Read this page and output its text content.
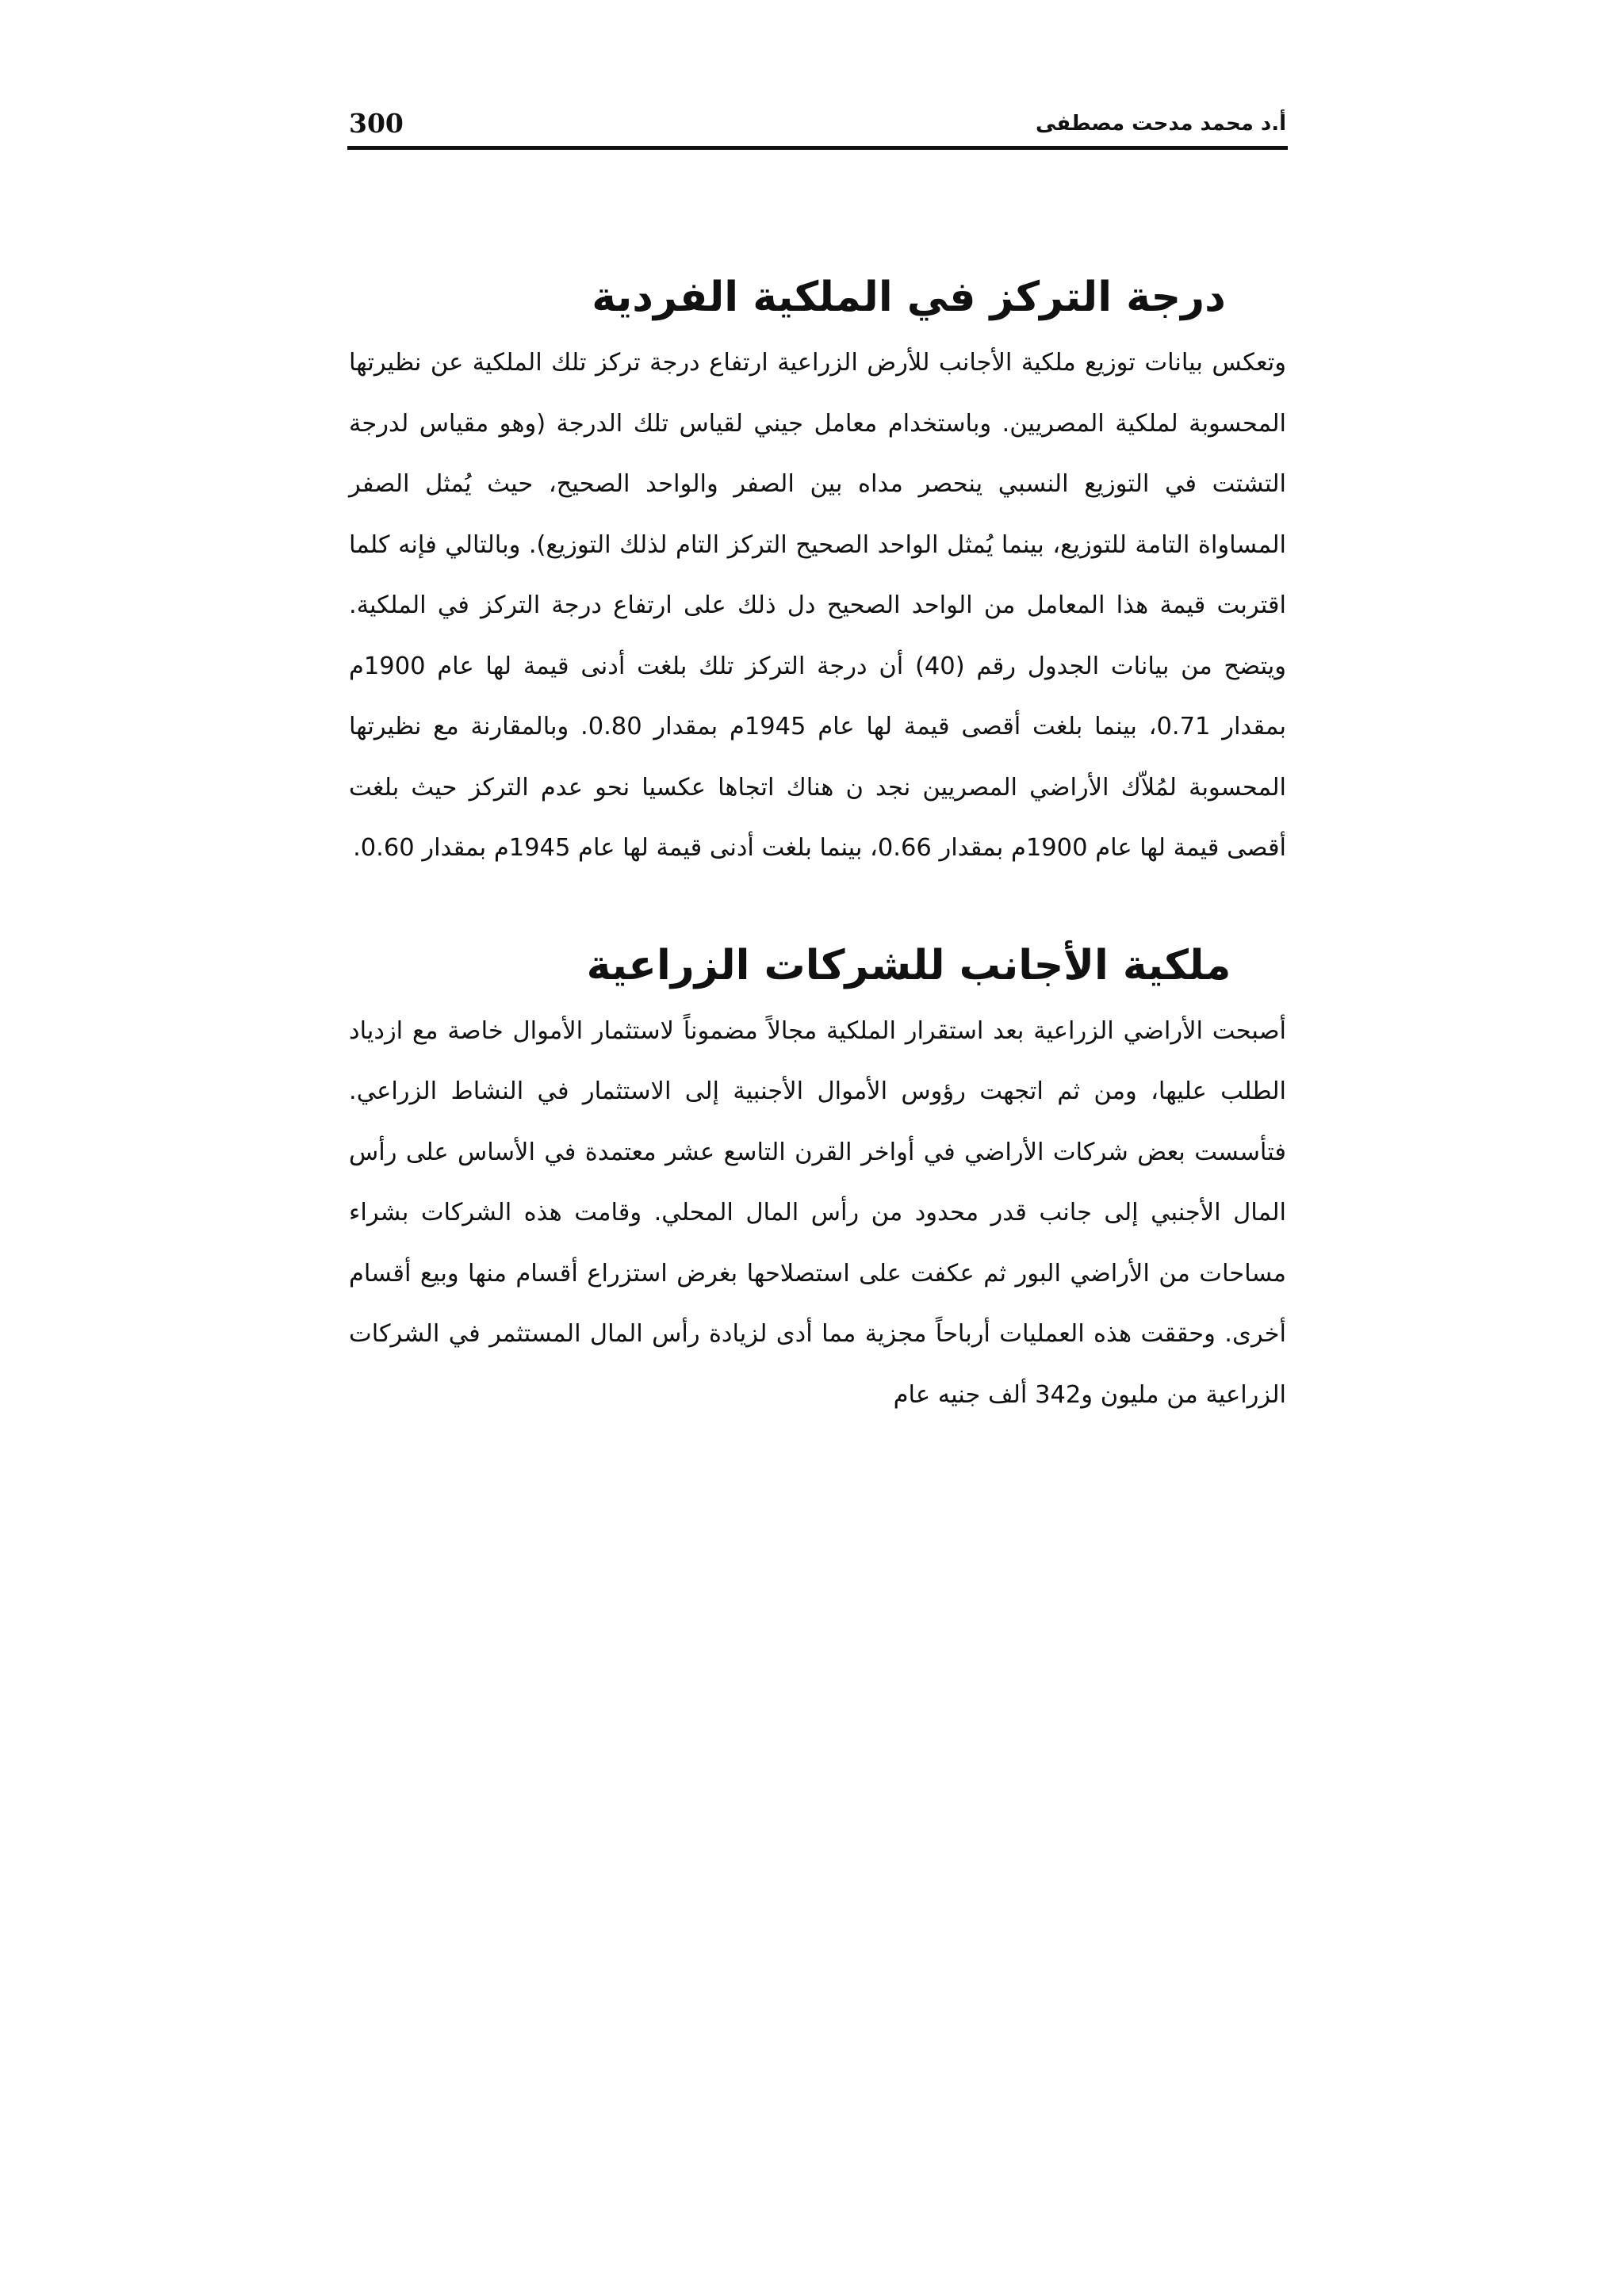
300	أ.د محمد مدحت مصطفى
درجة التركز في الملكية الفردية

وتعكس بيانات توزيع ملكية الأجانب للأرض الزراعية ارتفاع درجة تركز تلك الملكية عن نظيرتها المحسوبة لملكية المصريين. وباستخدام معامل جيني لقياس تلك الدرجة (وهو مقياس لدرجة التشتت في التوزيع النسبي ينحصر مداه بين الصفر والواحد الصحيح، حيث يُمثل الصفر المساواة التامة للتوزيع، بينما يُمثل الواحد الصحيح التركز التام لذلك التوزيع). وبالتالي فإنه كلما اقتربت قيمة هذا المعامل من الواحد الصحيح دل ذلك على ارتفاع درجة التركز في الملكية. ويتضح من بيانات الجدول رقم (40) أن درجة التركز تلك بلغت أدنى قيمة لها عام 1900م بمقدار 0.71، بينما بلغت أقصى قيمة لها عام 1945م بمقدار 0.80. وبالمقارنة مع نظيرتها المحسوبة لمُلاّك الأراضي المصريين نجد ن هناك اتجاها عكسيا نحو عدم التركز حيث بلغت أقصى قيمة لها عام 1900م بمقدار 0.66، بينما بلغت أدنى قيمة لها عام 1945م بمقدار 0.60.

ملكية الأجانب للشركات الزراعية

أصبحت الأراضي الزراعية بعد استقرار الملكية مجالاً مضموناً لاستثمار الأموال خاصة مع ازدياد الطلب عليها، ومن ثم اتجهت رؤوس الأموال الأجنبية إلى الاستثمار في النشاط الزراعي. فتأسست بعض شركات الأراضي في أواخر القرن التاسع عشر معتمدة في الأساس على رأس المال الأجنبي إلى جانب قدر محدود من رأس المال المحلي. وقامت هذه الشركات بشراء مساحات من الأراضي البور ثم عكفت على استصلاحها بغرض استزراع أقسام منها وبيع أقسام أخرى. وحققت هذه العمليات أرباحاً مجزية مما أدى لزيادة رأس المال المستثمر في الشركات الزراعية من مليون و342 ألف جنيه عام
